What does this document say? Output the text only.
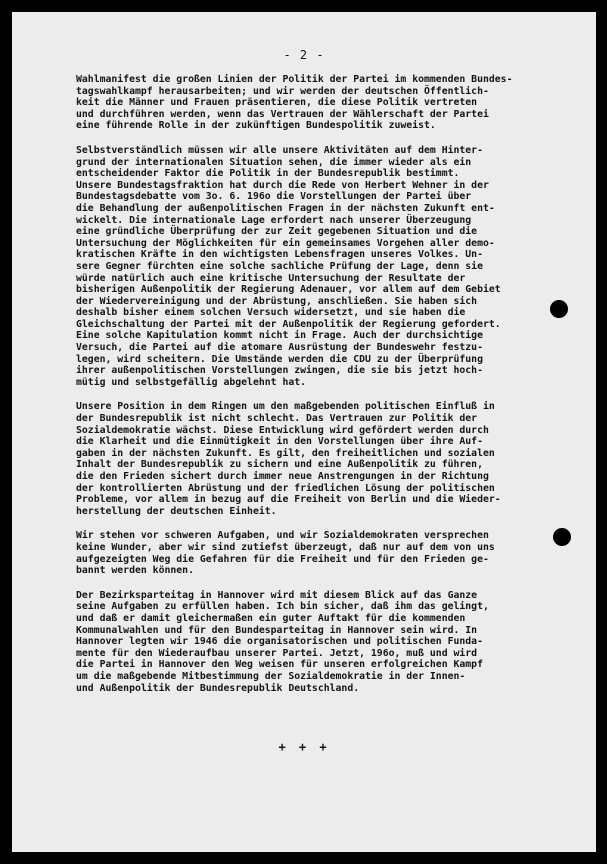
- 2 -

Wahlmanifest die großen Linien der Politik der Partei im kommenden Bundes-
tagswahlkampf herausarbeiten; und wir werden der deutschen Öffentlich-
keit die Männer und Frauen präsentieren, die diese Politik vertreten
und durchführen werden, wenn das Vertrauen der Wählerschaft der Partei
eine führende Rolle in der zukünftigen Bundespolitik zuweist.

Selbstverständlich müssen wir alle unsere Aktivitäten auf dem Hinter-
grund der internationalen Situation sehen, die immer wieder als ein
entscheidender Faktor die Politik in der Bundesrepublik bestimmt.
Unsere Bundestagsfraktion hat durch die Rede von Herbert Wehner in der
Bundestagsdebatte vom 3o. 6. 196o die Vorstellungen der Partei über
die Behandlung der außenpolitischen Fragen in der nächsten Zukunft ent-
wickelt. Die internationale Lage erfordert nach unserer Überzeugung
eine gründliche Überprüfung der zur Zeit gegebenen Situation und die
Untersuchung der Möglichkeiten für ein gemeinsames Vorgehen aller demo-
kratischen Kräfte in den wichtigsten Lebensfragen unseres Volkes. Un-
sere Gegner fürchten eine solche sachliche Prüfung der Lage, denn sie
würde natürlich auch eine kritische Untersuchung der Resultate der
bisherigen Außenpolitik der Regierung Adenauer, vor allem auf dem Gebiet
der Wiedervereinigung und der Abrüstung, anschließen. Sie haben sich
deshalb bisher einem solchen Versuch widersetzt, und sie haben die
Gleichschaltung der Partei mit der Außenpolitik der Regierung gefordert.
Eine solche Kapitulation kommt nicht in Frage. Auch der durchsichtige
Versuch, die Partei auf die atomare Ausrüstung der Bundeswehr festzu-
legen, wird scheitern. Die Umstände werden die CDU zu der Überprüfung
ihrer außenpolitischen Vorstellungen zwingen, die sie bis jetzt hoch-
mütig und selbstgefällig abgelehnt hat.

Unsere Position in dem Ringen um den maßgebenden politischen Einfluß in
der Bundesrepublik ist nicht schlecht. Das Vertrauen zur Politik der
Sozialdemokratie wächst. Diese Entwicklung wird gefördert werden durch
die Klarheit und die Einmütigkeit in den Vorstellungen über ihre Auf-
gaben in der nächsten Zukunft. Es gilt, den freiheitlichen und sozialen
Inhalt der Bundesrepublik zu sichern und eine Außenpolitik zu führen,
die den Frieden sichert durch immer neue Anstrengungen in der Richtung
der kontrollierten Abrüstung und der friedlichen Lösung der politischen
Probleme, vor allem in bezug auf die Freiheit von Berlin und die Wieder-
herstellung der deutschen Einheit.

Wir stehen vor schweren Aufgaben, und wir Sozialdemokraten versprechen
keine Wunder, aber wir sind zutiefst überzeugt, daß nur auf dem von uns
aufgezeigten Weg die Gefahren für die Freiheit und für den Frieden ge-
bannt werden können.

Der Bezirksparteitag in Hannover wird mit diesem Blick auf das Ganze
seine Aufgaben zu erfüllen haben. Ich bin sicher, daß ihm das gelingt,
und daß er damit gleichermaßen ein guter Auftakt für die kommenden
Kommunalwahlen und für den Bundesparteitag in Hannover sein wird. In
Hannover legten wir 1946 die organisatorischen und politischen Funda-
mente für den Wiederaufbau unserer Partei. Jetzt, 196o, muß und wird
die Partei in Hannover den Weg weisen für unseren erfolgreichen Kampf
um die maßgebende Mitbestimmung der Sozialdemokratie in der Innen-
und Außenpolitik der Bundesrepublik Deutschland.

+ + +
